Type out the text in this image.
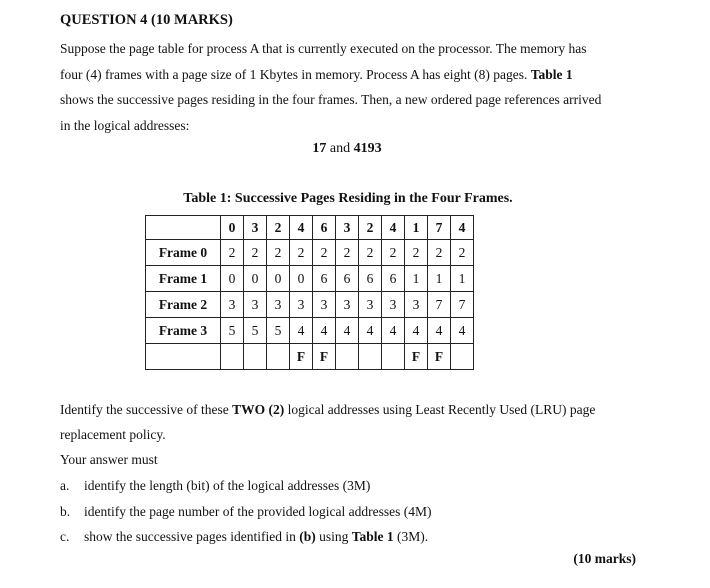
QUESTION 4 (10 MARKS)
Suppose the page table for process A that is currently executed on the processor. The memory has
four (4) frames with a page size of 1 Kbytes in memory. Process A has eight (8) pages. Table 1
shows the successive pages residing in the four frames. Then, a new ordered page references arrived
in the logical addresses:
17 and 4193
Table 1: Successive Pages Residing in the Four Frames.
	0	3	2	4	6	3	2	4	1	7	4
Frame 0	2	2	2	2	2	2	2	2	2	2	2
Frame 1	0	0	0	0	6	6	6	6	1	1	1
Frame 2	3	3	3	3	3	3	3	3	3	7	7
Frame 3	5	5	5	4	4	4	4	4	4	4	4
				F	F				F	F	
Identify the successive of these TWO (2) logical addresses using Least Recently Used (LRU) page
replacement policy.
Your answer must
a. identify the length (bit) of the logical addresses (3M)
b. identify the page number of the provided logical addresses (4M)
c. show the successive pages identified in (b) using Table 1 (3M).
(10 marks)
